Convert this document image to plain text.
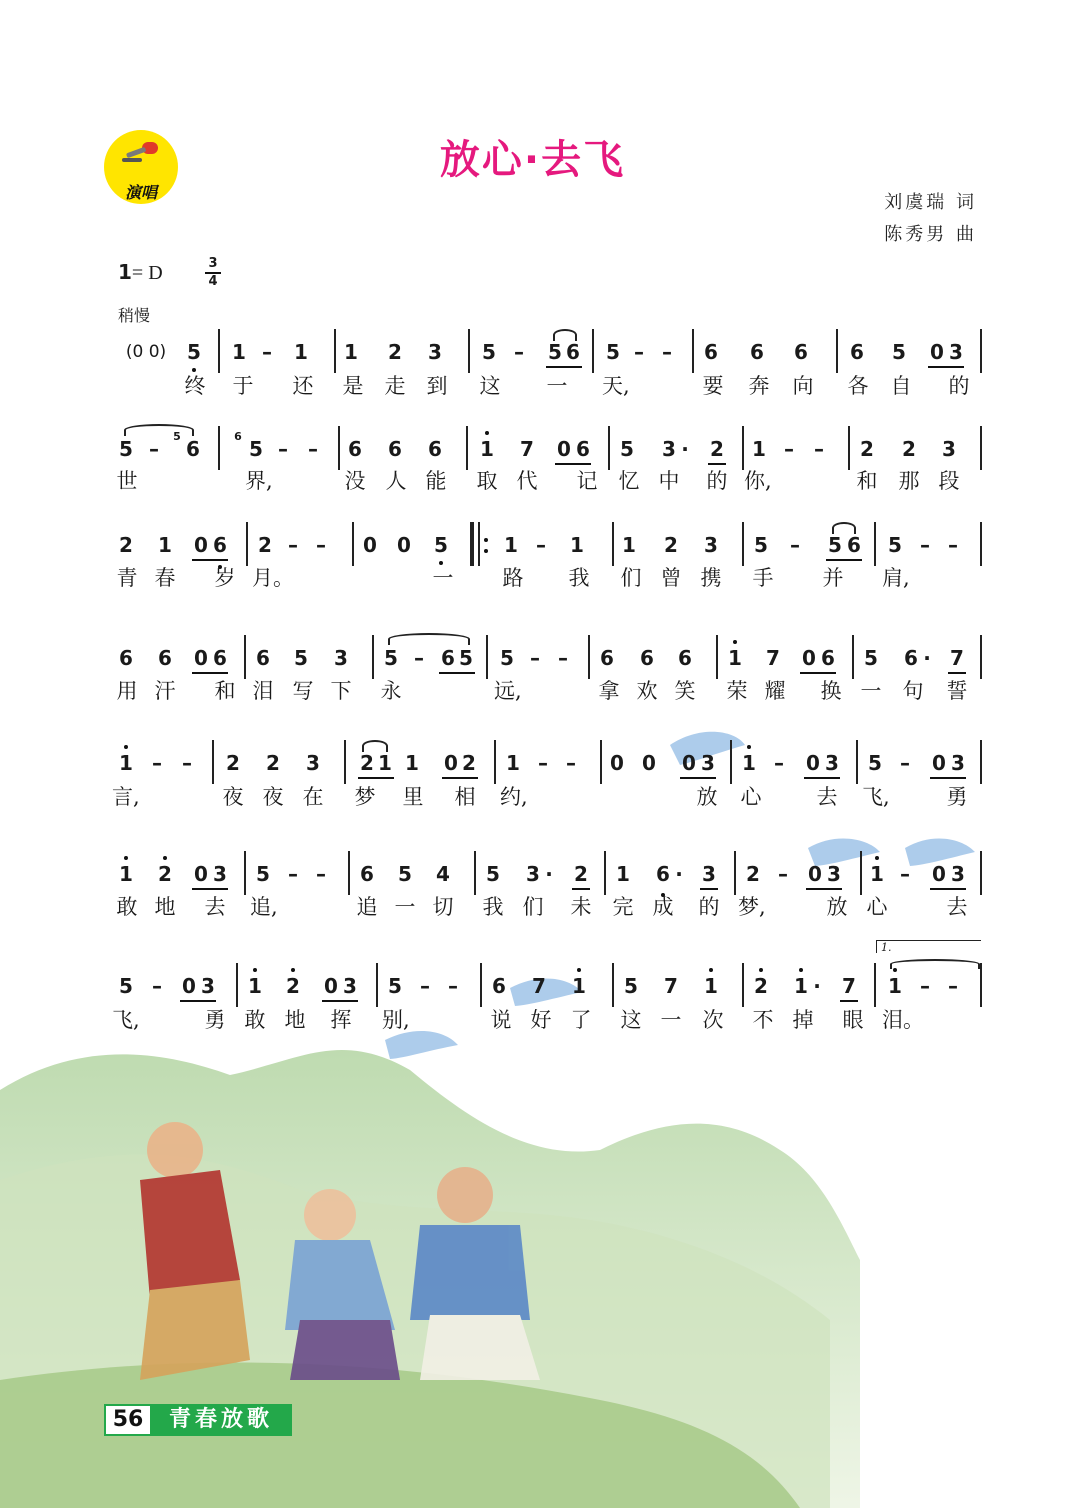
演唱
放心·去飞
刘虞瑞 词
陈秀男 曲
1= D	3
4
稍慢
(0 0)	5 1 –	1 1 2 3 5 –	5 6 5 – –	6 6 6 6 5 0 3
终 于 还 是 走 到 这 一 天,	要 奔 向 各 自 的
5 –
5
6
6
5 –	–	6 6 6 1 7 0 6 5 3 · 2 1 –	–	2 2 3
世	界,	没 人 能 取 代 记 忆 中 的 你,	和 那 段
2 1 0 6 2 – –	0 0 5	1 –	1 1 2 3 5	–	5 6 5 – –
青 春 岁 月。	一 路 我 们 曾 携 手 并 肩,
6 6 0 6 6 5 3 5 – 6 5 5 – –	6 6 6 1 7 0 6 5 6 · 7
用 汗 和 泪 写 下 永	远,	拿 欢 笑 荣 耀 换 一 句 誓
1 –	–	2 2 3 2 1 1 0 2 1 – –	0 0 0 3 1 –	0 3 5 –	0 3
言,	夜 夜 在 梦 里 相 约,	放 心	去 飞,	勇
1 2 0 3 5 – –	6 5 4 5 3 · 2 1 6 · 3 2 –	0 3 1 –	0 3
敢 地 去 追,	追 一 切 我 们 未 完 成 的 梦,	放 心	去
1.
5 –	0 3 1 2 0 3 5 – –	6 7 1 5 7 1 2 1 · 7 1 – –
飞,	勇 敢 地 挥 别,	说 好 了 这 一 次 不 掉 眼 泪。
56	青春放歌
